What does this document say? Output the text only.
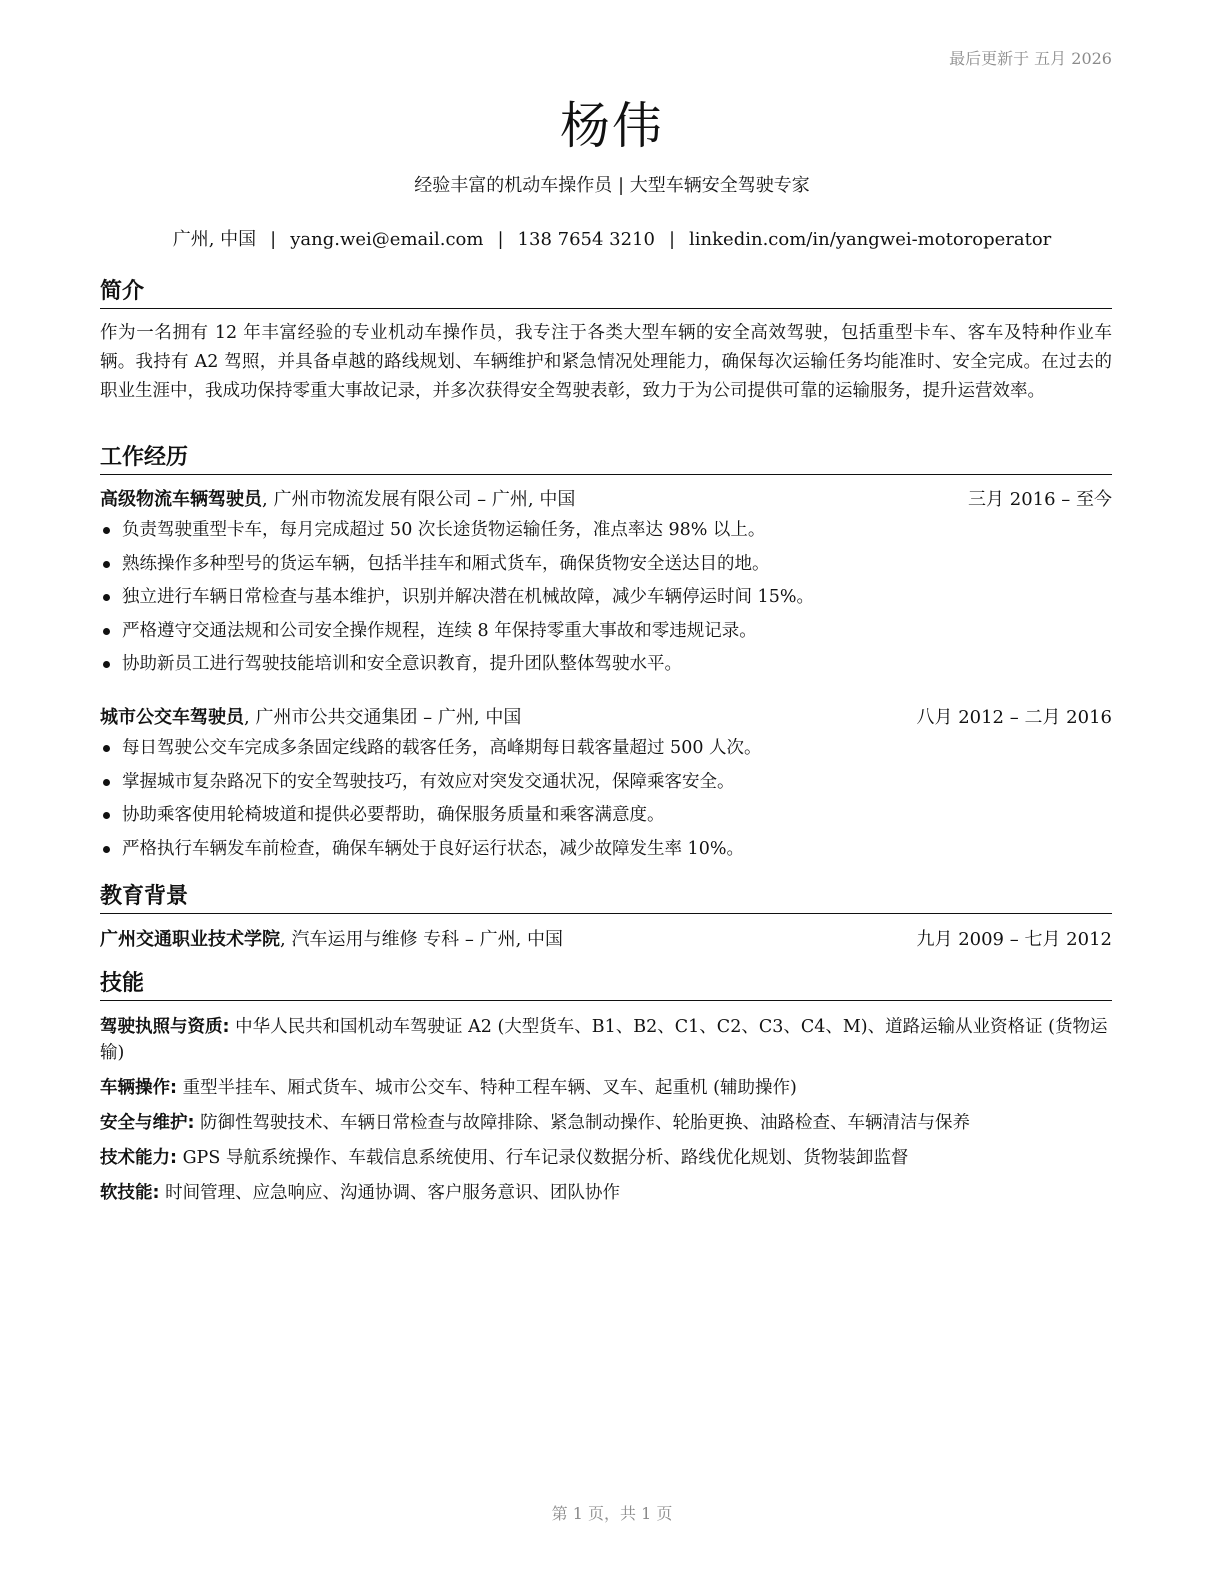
最后更新于 五月 2026
杨伟
经验丰富的机动车操作员 | 大型车辆安全驾驶专家
广州, 中国 | yang.wei@email.com | 138 7654 3210 | linkedin.com/in/yangwei-motoroperator
简介
作为一名拥有 12 年丰富经验的专业机动车操作员，我专注于各类大型车辆的安全高效驾驶，包括重型卡车、客车及特种作业车辆。我持有 A2 驾照，并具备卓越的路线规划、车辆维护和紧急情况处理能力，确保每次运输任务均能准时、安全完成。在过去的职业生涯中，我成功保持零重大事故记录，并多次获得安全驾驶表彰，致力于为公司提供可靠的运输服务，提升运营效率。
工作经历
高级物流车辆驾驶员, 广州市物流发展有限公司 – 广州, 中国	三月 2016 – 至今
负责驾驶重型卡车，每月完成超过 50 次长途货物运输任务，准点率达 98% 以上。
熟练操作多种型号的货运车辆，包括半挂车和厢式货车，确保货物安全送达目的地。
独立进行车辆日常检查与基本维护，识别并解决潜在机械故障，减少车辆停运时间 15%。
严格遵守交通法规和公司安全操作规程，连续 8 年保持零重大事故和零违规记录。
协助新员工进行驾驶技能培训和安全意识教育，提升团队整体驾驶水平。
城市公交车驾驶员, 广州市公共交通集团 – 广州, 中国	八月 2012 – 二月 2016
每日驾驶公交车完成多条固定线路的载客任务，高峰期每日载客量超过 500 人次。
掌握城市复杂路况下的安全驾驶技巧，有效应对突发交通状况，保障乘客安全。
协助乘客使用轮椅坡道和提供必要帮助，确保服务质量和乘客满意度。
严格执行车辆发车前检查，确保车辆处于良好运行状态，减少故障发生率 10%。
教育背景
广州交通职业技术学院, 汽车运用与维修 专科 – 广州, 中国	九月 2009 – 七月 2012
技能
驾驶执照与资质: 中华人民共和国机动车驾驶证 A2 (大型货车、B1、B2、C1、C2、C3、C4、M)、道路运输从业资格证 (货物运输)
车辆操作: 重型半挂车、厢式货车、城市公交车、特种工程车辆、叉车、起重机 (辅助操作)
安全与维护: 防御性驾驶技术、车辆日常检查与故障排除、紧急制动操作、轮胎更换、油路检查、车辆清洁与保养
技术能力: GPS 导航系统操作、车载信息系统使用、行车记录仪数据分析、路线优化规划、货物装卸监督
软技能: 时间管理、应急响应、沟通协调、客户服务意识、团队协作
第 1 页，共 1 页
